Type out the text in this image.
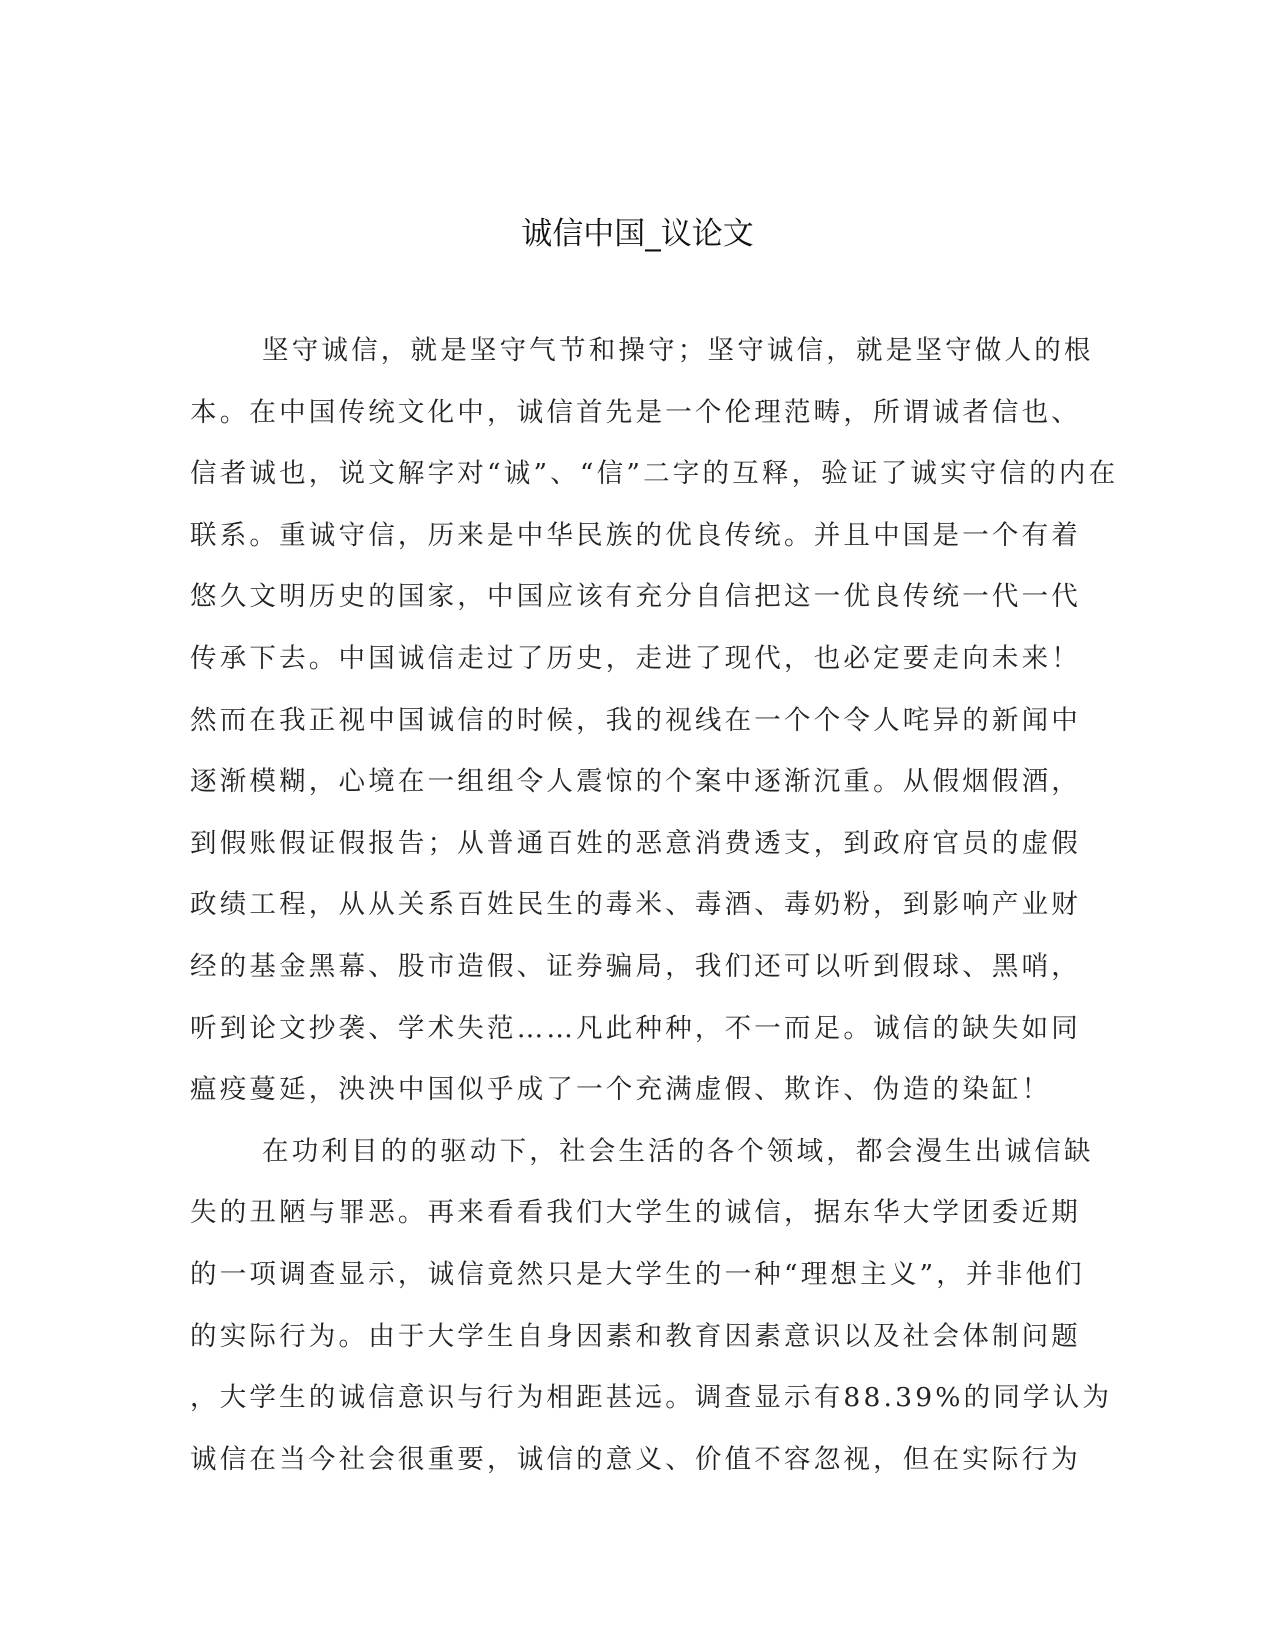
诚信中国_议论文
坚守诚信，就是坚守气节和操守；坚守诚信，就是坚守做人的根
本。在中国传统文化中，诚信首先是一个伦理范畴，所谓诚者信也、
信者诚也，说文解字对“诚”、“信”二字的互释，验证了诚实守信的内在
联系。重诚守信，历来是中华民族的优良传统。并且中国是一个有着
悠久文明历史的国家，中国应该有充分自信把这一优良传统一代一代
传承下去。中国诚信走过了历史，走进了现代，也必定要走向未来！
然而在我正视中国诚信的时候，我的视线在一个个令人咤异的新闻中
逐渐模糊，心境在一组组令人震惊的个案中逐渐沉重。从假烟假酒，
到假账假证假报告；从普通百姓的恶意消费透支，到政府官员的虚假
政绩工程，从从关系百姓民生的毒米、毒酒、毒奶粉，到影响产业财
经的基金黑幕、股市造假、证券骗局，我们还可以听到假球、黑哨，
听到论文抄袭、学术失范……凡此种种，不一而足。诚信的缺失如同
瘟疫蔓延，泱泱中国似乎成了一个充满虚假、欺诈、伪造的染缸！
在功利目的的驱动下，社会生活的各个领域，都会漫生出诚信缺
失的丑陋与罪恶。再来看看我们大学生的诚信，据东华大学团委近期
的一项调查显示，诚信竟然只是大学生的一种“理想主义”，并非他们
的实际行为。由于大学生自身因素和教育因素意识以及社会体制问题
，大学生的诚信意识与行为相距甚远。调查显示有88.39%的同学认为
诚信在当今社会很重要，诚信的意义、价值不容忽视，但在实际行为
